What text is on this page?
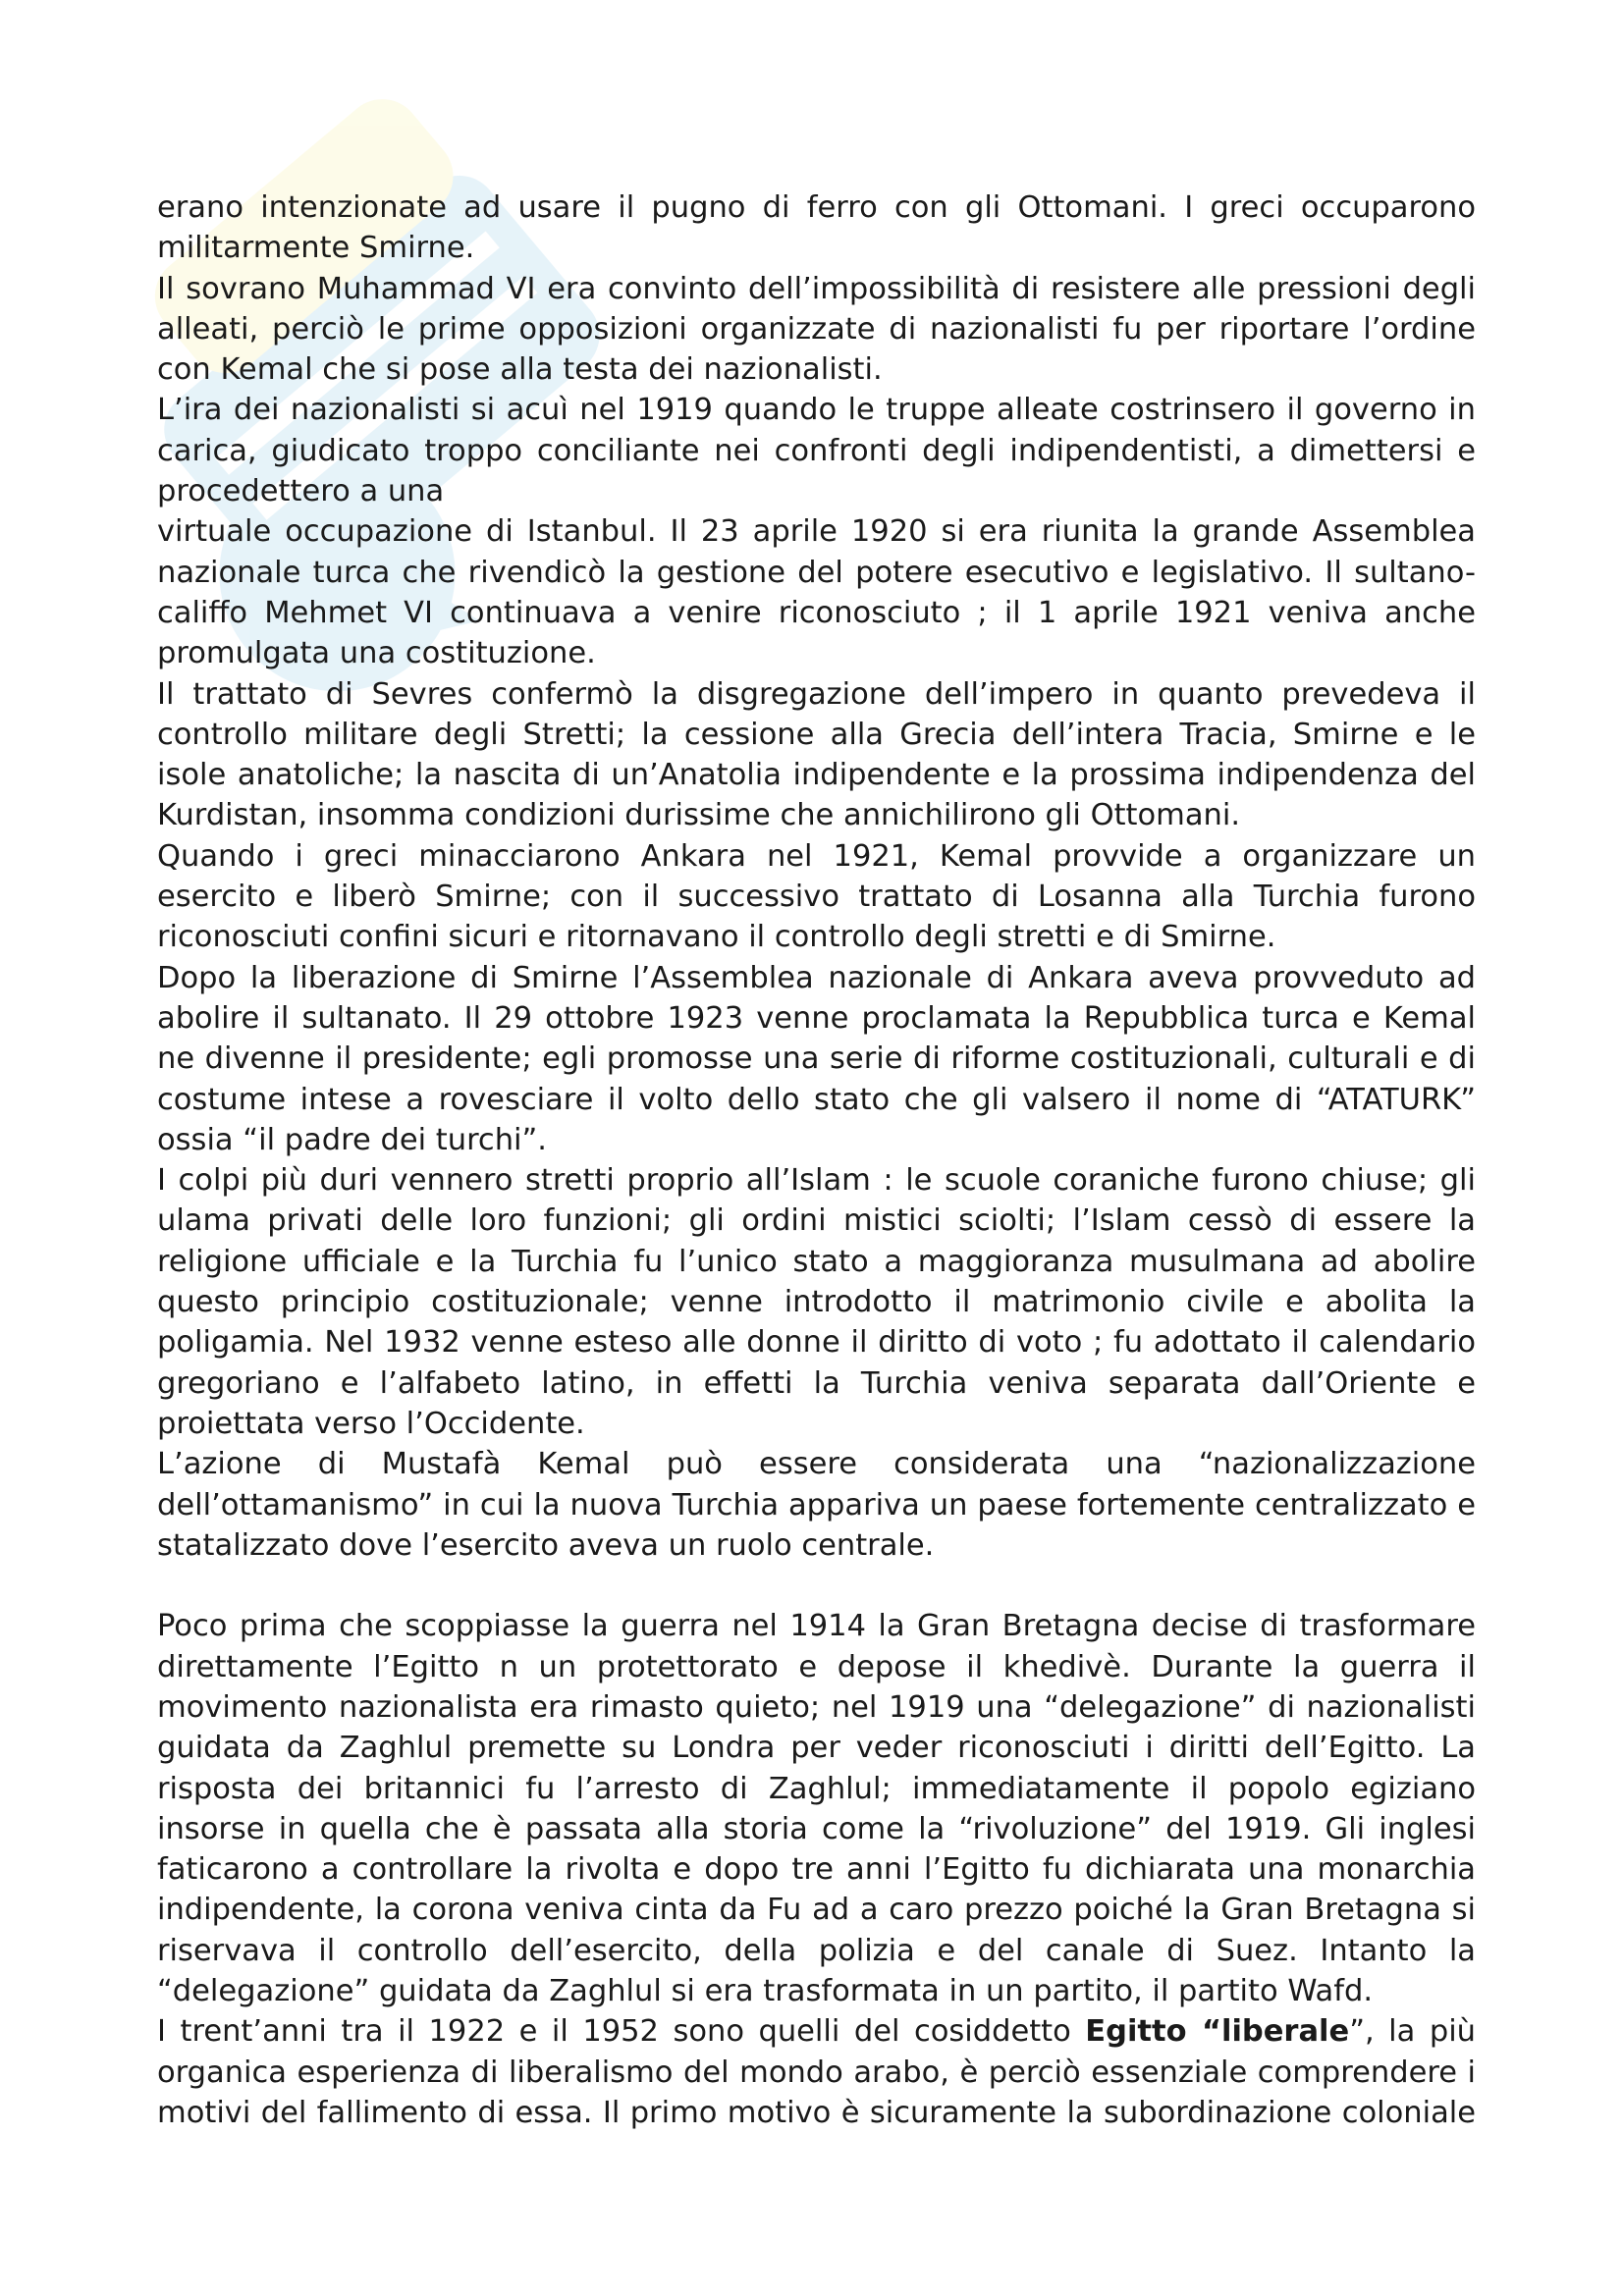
erano intenzionate ad usare il pugno di ferro con gli Ottomani. I greci occuparono militarmente Smirne.

Il sovrano Muhammad VI era convinto dell’impossibilità di resistere alle pressioni degli alleati, perciò le prime opposizioni organizzate di nazionalisti fu per riportare l’ordine con Kemal che si pose alla testa dei nazionalisti.

L’ira dei nazionalisti si acuì nel 1919 quando le truppe alleate costrinsero il governo in carica, giudicato troppo conciliante nei confronti degli indipendentisti, a dimettersi e procedettero a una

virtuale occupazione di Istanbul. Il 23 aprile 1920 si era riunita la grande Assemblea nazionale turca che rivendicò la gestione del potere esecutivo e legislativo. Il sultano-califfo Mehmet VI continuava a venire riconosciuto ; il 1 aprile 1921 veniva anche promulgata una costituzione.

Il trattato di Sevres confermò la disgregazione dell’impero in quanto prevedeva il controllo militare degli Stretti; la cessione alla Grecia dell’intera Tracia, Smirne e le isole anatoliche; la nascita di un’Anatolia indipendente e la prossima indipendenza del Kurdistan, insomma condizioni durissime che annichilirono gli Ottomani.

Quando i greci minacciarono Ankara nel 1921, Kemal provvide a organizzare un esercito e liberò Smirne; con il successivo trattato di Losanna alla Turchia furono riconosciuti confini sicuri e ritornavano il controllo degli stretti e di Smirne.

Dopo la liberazione di Smirne l’Assemblea nazionale di Ankara aveva provveduto ad abolire il sultanato. Il 29 ottobre 1923 venne proclamata la Repubblica turca e Kemal ne divenne il presidente; egli promosse una serie di riforme costituzionali, culturali e di costume intese a rovesciare il volto dello stato che gli valsero il nome di “ATATURK” ossia “il padre dei turchi”.

I colpi più duri vennero stretti proprio all’Islam : le scuole coraniche furono chiuse; gli ulama privati delle loro funzioni; gli ordini mistici sciolti; l’Islam cessò di essere la religione ufficiale e la Turchia fu l’unico stato a maggioranza musulmana ad abolire questo principio costituzionale; venne introdotto il matrimonio civile e abolita la poligamia. Nel 1932 venne esteso alle donne il diritto di voto ; fu adottato il calendario gregoriano e l’alfabeto latino, in effetti la Turchia veniva separata dall’Oriente e proiettata verso l’Occidente.

L’azione di Mustafà Kemal può essere considerata una “nazionalizzazione dell’ottamanismo” in cui la nuova Turchia appariva un paese fortemente centralizzato e statalizzato dove l’esercito aveva un ruolo centrale.

Poco prima che scoppiasse la guerra nel 1914 la Gran Bretagna decise di trasformare direttamente l’Egitto n un protettorato e depose il khedivè. Durante la guerra il movimento nazionalista era rimasto quieto; nel 1919 una “delegazione” di nazionalisti guidata da Zaghlul premette su Londra per veder riconosciuti i diritti dell’Egitto. La risposta dei britannici fu l’arresto di Zaghlul; immediatamente il popolo egiziano insorse in quella che è passata alla storia come la “rivoluzione” del 1919. Gli inglesi faticarono a controllare la rivolta e dopo tre anni l’Egitto fu dichiarata una monarchia indipendente, la corona veniva cinta da Fu ad a caro prezzo poiché la Gran Bretagna si riservava il controllo dell’esercito, della polizia e del canale di Suez. Intanto la “delegazione” guidata da Zaghlul si era trasformata in un partito, il partito Wafd.

I trent’anni tra il 1922 e il 1952 sono quelli del cosiddetto Egitto “liberale”, la più organica esperienza di liberalismo del mondo arabo, è perciò essenziale comprendere i motivi del fallimento di essa. Il primo motivo è sicuramente la subordinazione coloniale
